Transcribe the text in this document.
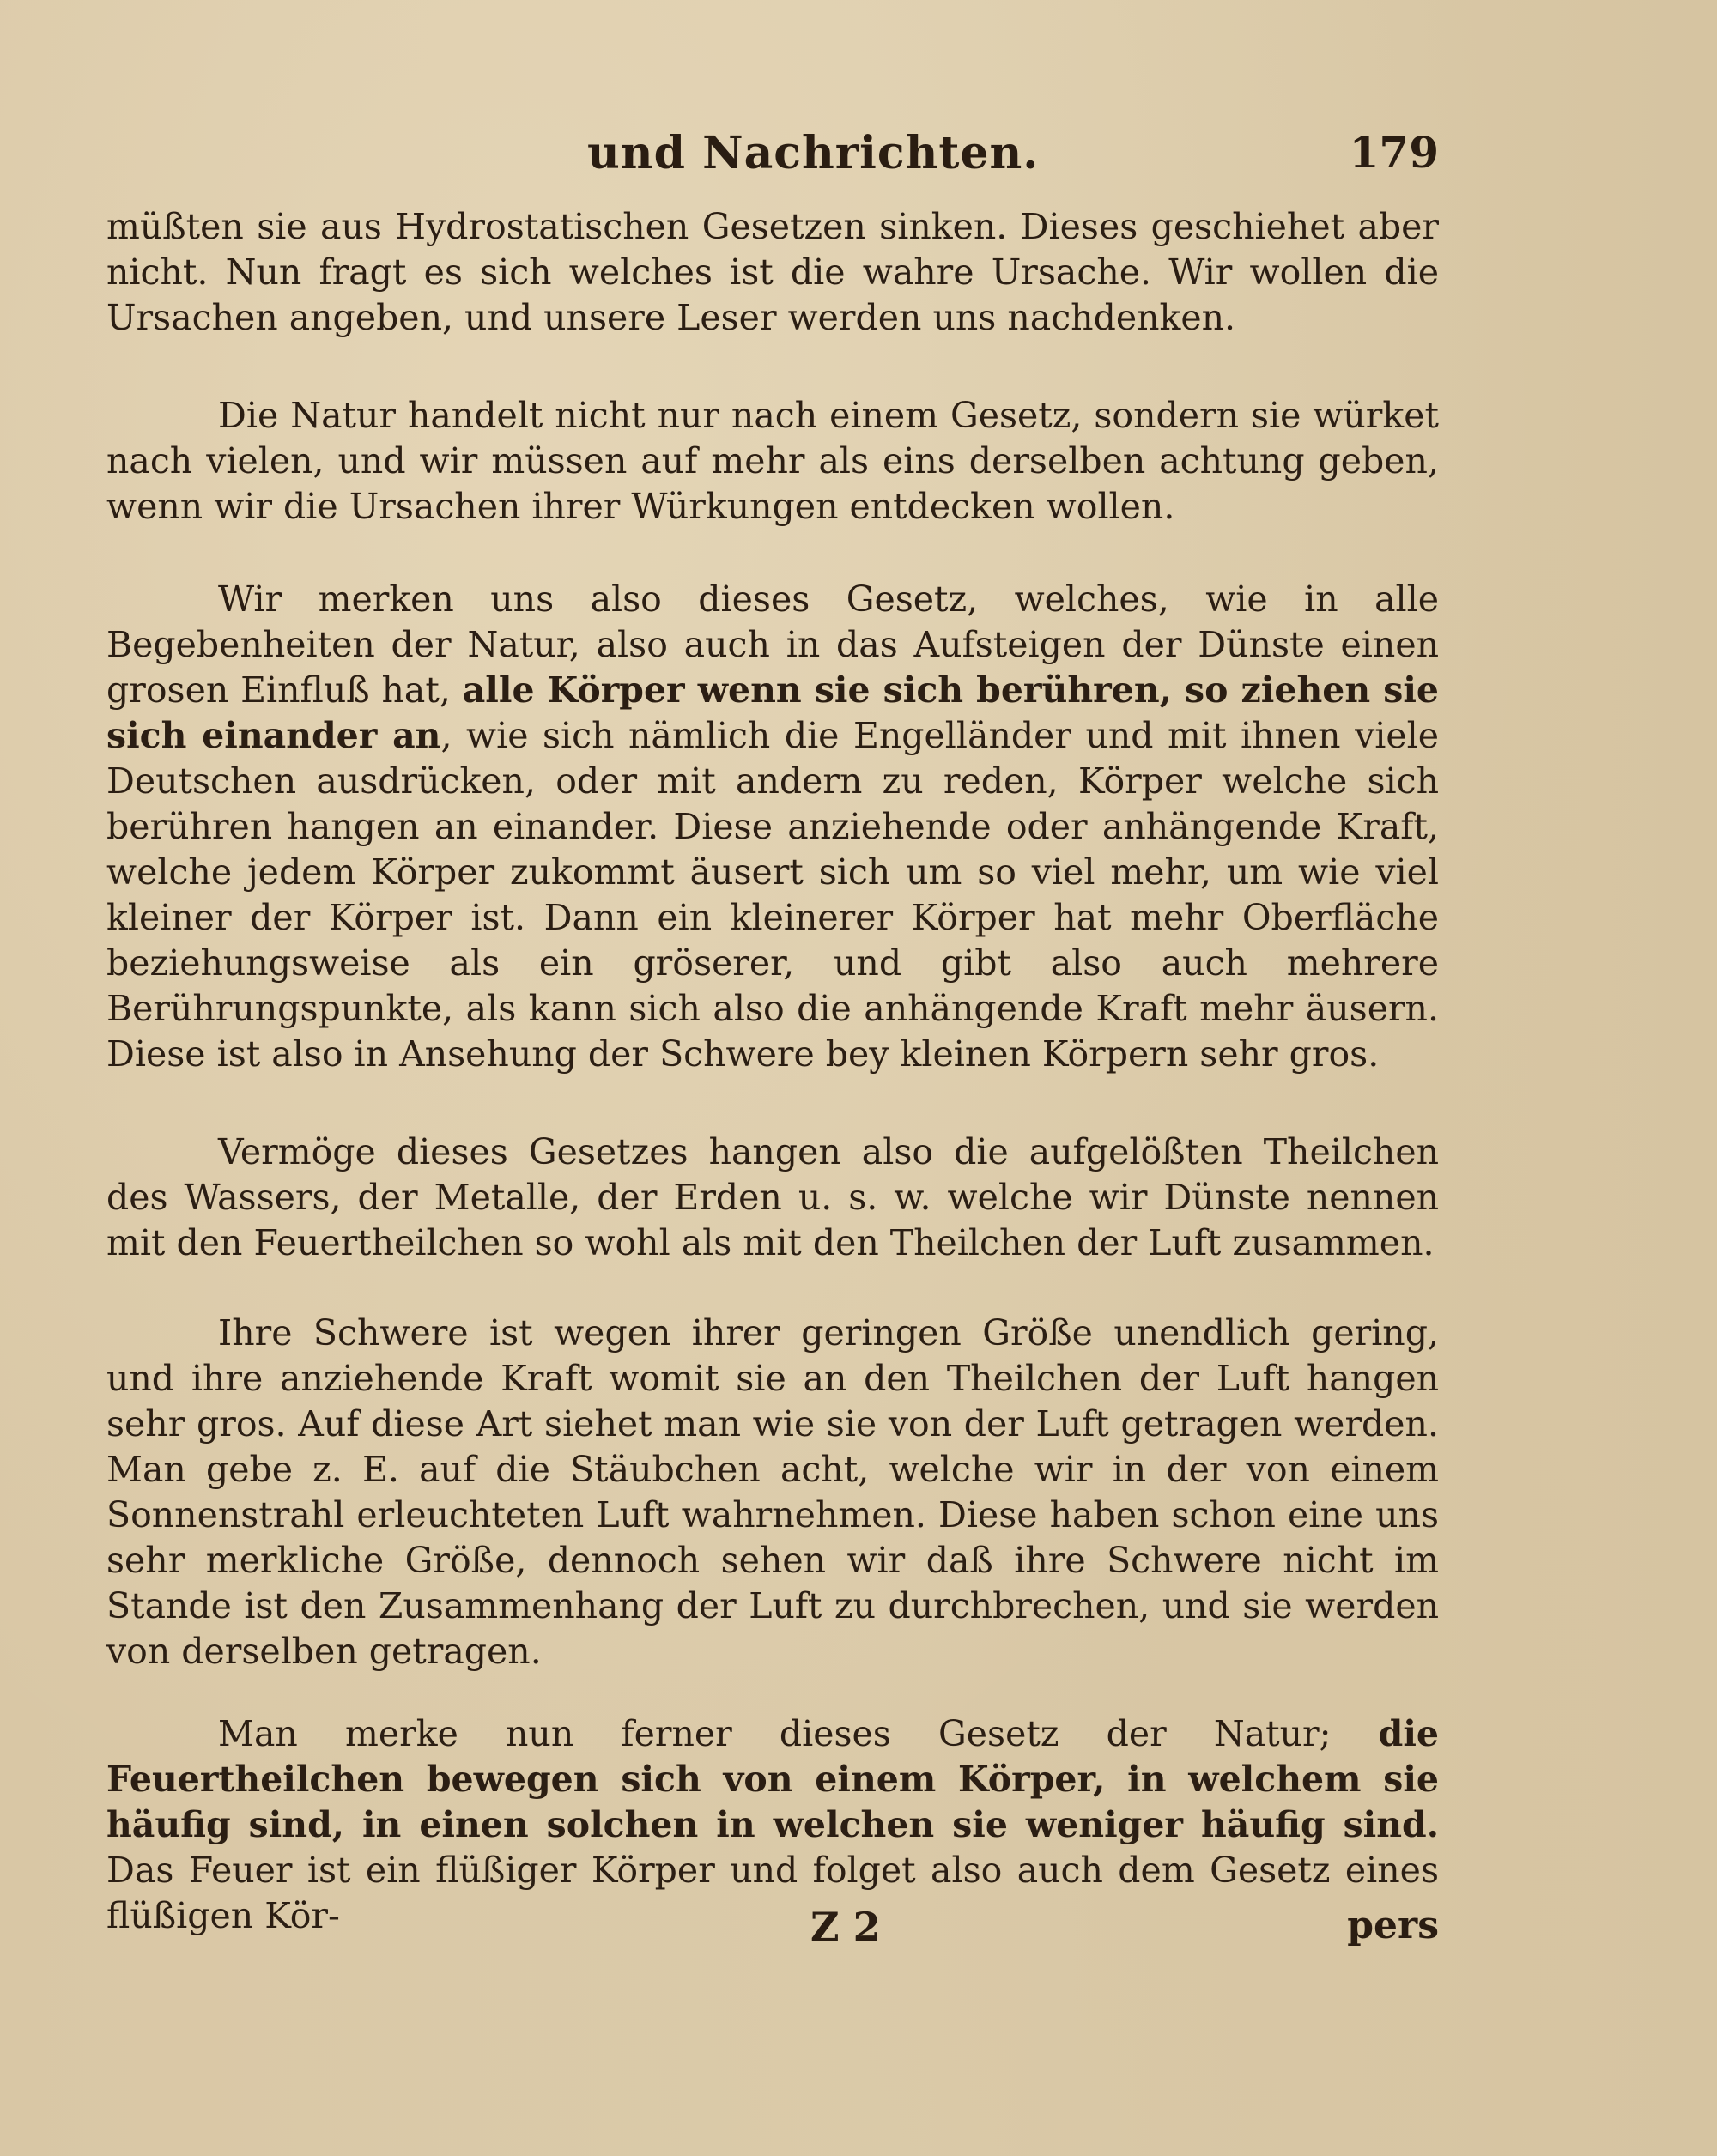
und Nachrichten.	179

müßten sie aus Hydrostatischen Gesetzen sinken. Dieses geschiehet aber nicht. Nun fragt es sich welches ist die wahre Ursache. Wir wollen die Ursachen angeben, und unsere Leser werden uns nachdenken.

Die Natur handelt nicht nur nach einem Gesetz, sondern sie würket nach vielen, und wir müssen auf mehr als eins derselben achtung geben, wenn wir die Ursachen ihrer Würkungen entdecken wollen.

Wir merken uns also dieses Gesetz, welches, wie in alle Begebenheiten der Natur, also auch in das Aufsteigen der Dünste einen grosen Einfluß hat, alle Körper wenn sie sich berühren, so ziehen sie sich einander an, wie sich nämlich die Engelländer und mit ihnen viele Deutschen ausdrücken, oder mit andern zu reden, Körper welche sich berühren hangen an einander. Diese anziehende oder anhängende Kraft, welche jedem Körper zukommt äusert sich um so viel mehr, um wie viel kleiner der Körper ist. Dann ein kleinerer Körper hat mehr Oberfläche beziehungsweise als ein gröserer, und gibt also auch mehrere Berührungspunkte, als kann sich also die anhängende Kraft mehr äusern. Diese ist also in Ansehung der Schwere bey kleinen Körpern sehr gros.

Vermöge dieses Gesetzes hangen also die aufgelößten Theilchen des Wassers, der Metalle, der Erden u. s. w. welche wir Dünste nennen mit den Feuertheilchen so wohl als mit den Theilchen der Luft zusammen.

Ihre Schwere ist wegen ihrer geringen Größe unendlich gering, und ihre anziehende Kraft womit sie an den Theilchen der Luft hangen sehr gros. Auf diese Art siehet man wie sie von der Luft getragen werden. Man gebe z. E. auf die Stäubchen acht, welche wir in der von einem Sonnenstrahl erleuchteten Luft wahrnehmen. Diese haben schon eine uns sehr merkliche Größe, dennoch sehen wir daß ihre Schwere nicht im Stande ist den Zusammenhang der Luft zu durchbrechen, und sie werden von derselben getragen.

Man merke nun ferner dieses Gesetz der Natur; die Feuertheilchen bewegen sich von einem Körper, in welchem sie häufig sind, in einen solchen in welchen sie weniger häufig sind. Das Feuer ist ein flüßiger Körper und folget also auch dem Gesetz eines flüßigen Kör-	Z 2	pers
